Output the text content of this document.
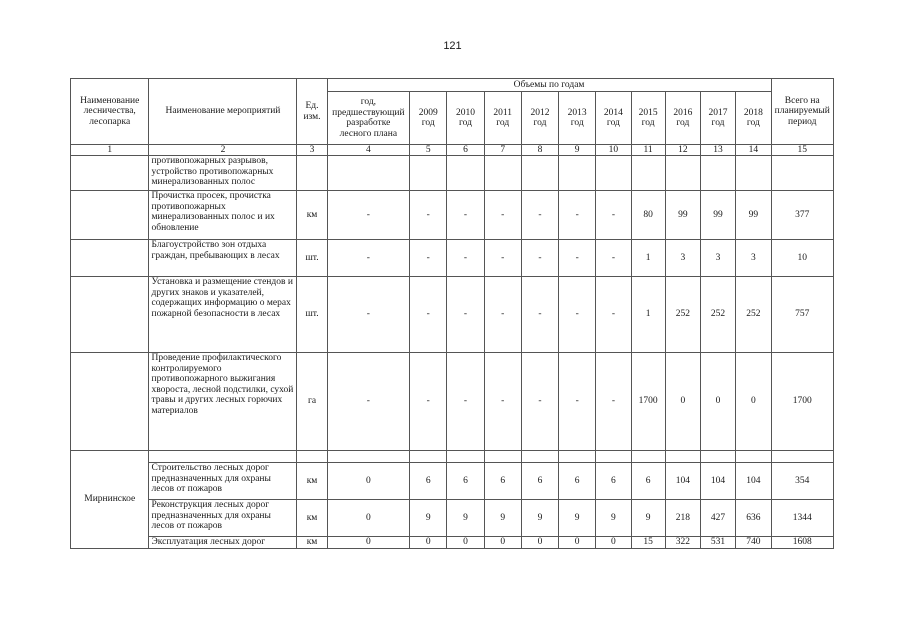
121
Наименование лесничества, лесопарка	Наименование мероприятий	Ед. изм.	Объемы по годам											Всего на планируемый период
			год, предшествующий разработке лесного плана	2009 год	2010 год	2011 год	2012 год	2013 год	2014 год	2015 год	2016 год	2017 год	2018 год	
1	2	3	4	5	6	7	8	9	10	11	12	13	14	15
	противопожарных разрывов, устройство противопожарных минерализованных полос													
	Прочистка просек, прочистка противопожарных минерализованных полос и их обновление	км	-	-	-	-	-	-	-	80	99	99	99	377
	Благоустройство зон отдыха граждан, пребывающих в лесах	шт.	-	-	-	-	-	-	-	1	3	3	3	10
	Установка и размещение стендов и других знаков и указателей, содержащих информацию о мерах пожарной безопасности в лесах	шт.	-	-	-	-	-	-	-	1	252	252	252	757
	Проведение профилактического контролируемого противопожарного выжигания хвороста, лесной подстилки, сухой травы и других лесных горючих материалов	га	-	-	-	-	-	-	-	1700	0	0	0	1700
Мирнинское														
	Строительство лесных дорог предназначенных для охраны лесов от пожаров	км	0	6	6	6	6	6	6	6	104	104	104	354
	Реконструкция лесных дорог предназначенных для охраны лесов от пожаров	км	0	9	9	9	9	9	9	9	218	427	636	1344
	Эксплуатация лесных дорог	км	0	0	0	0	0	0	0	15	322	531	740	1608
